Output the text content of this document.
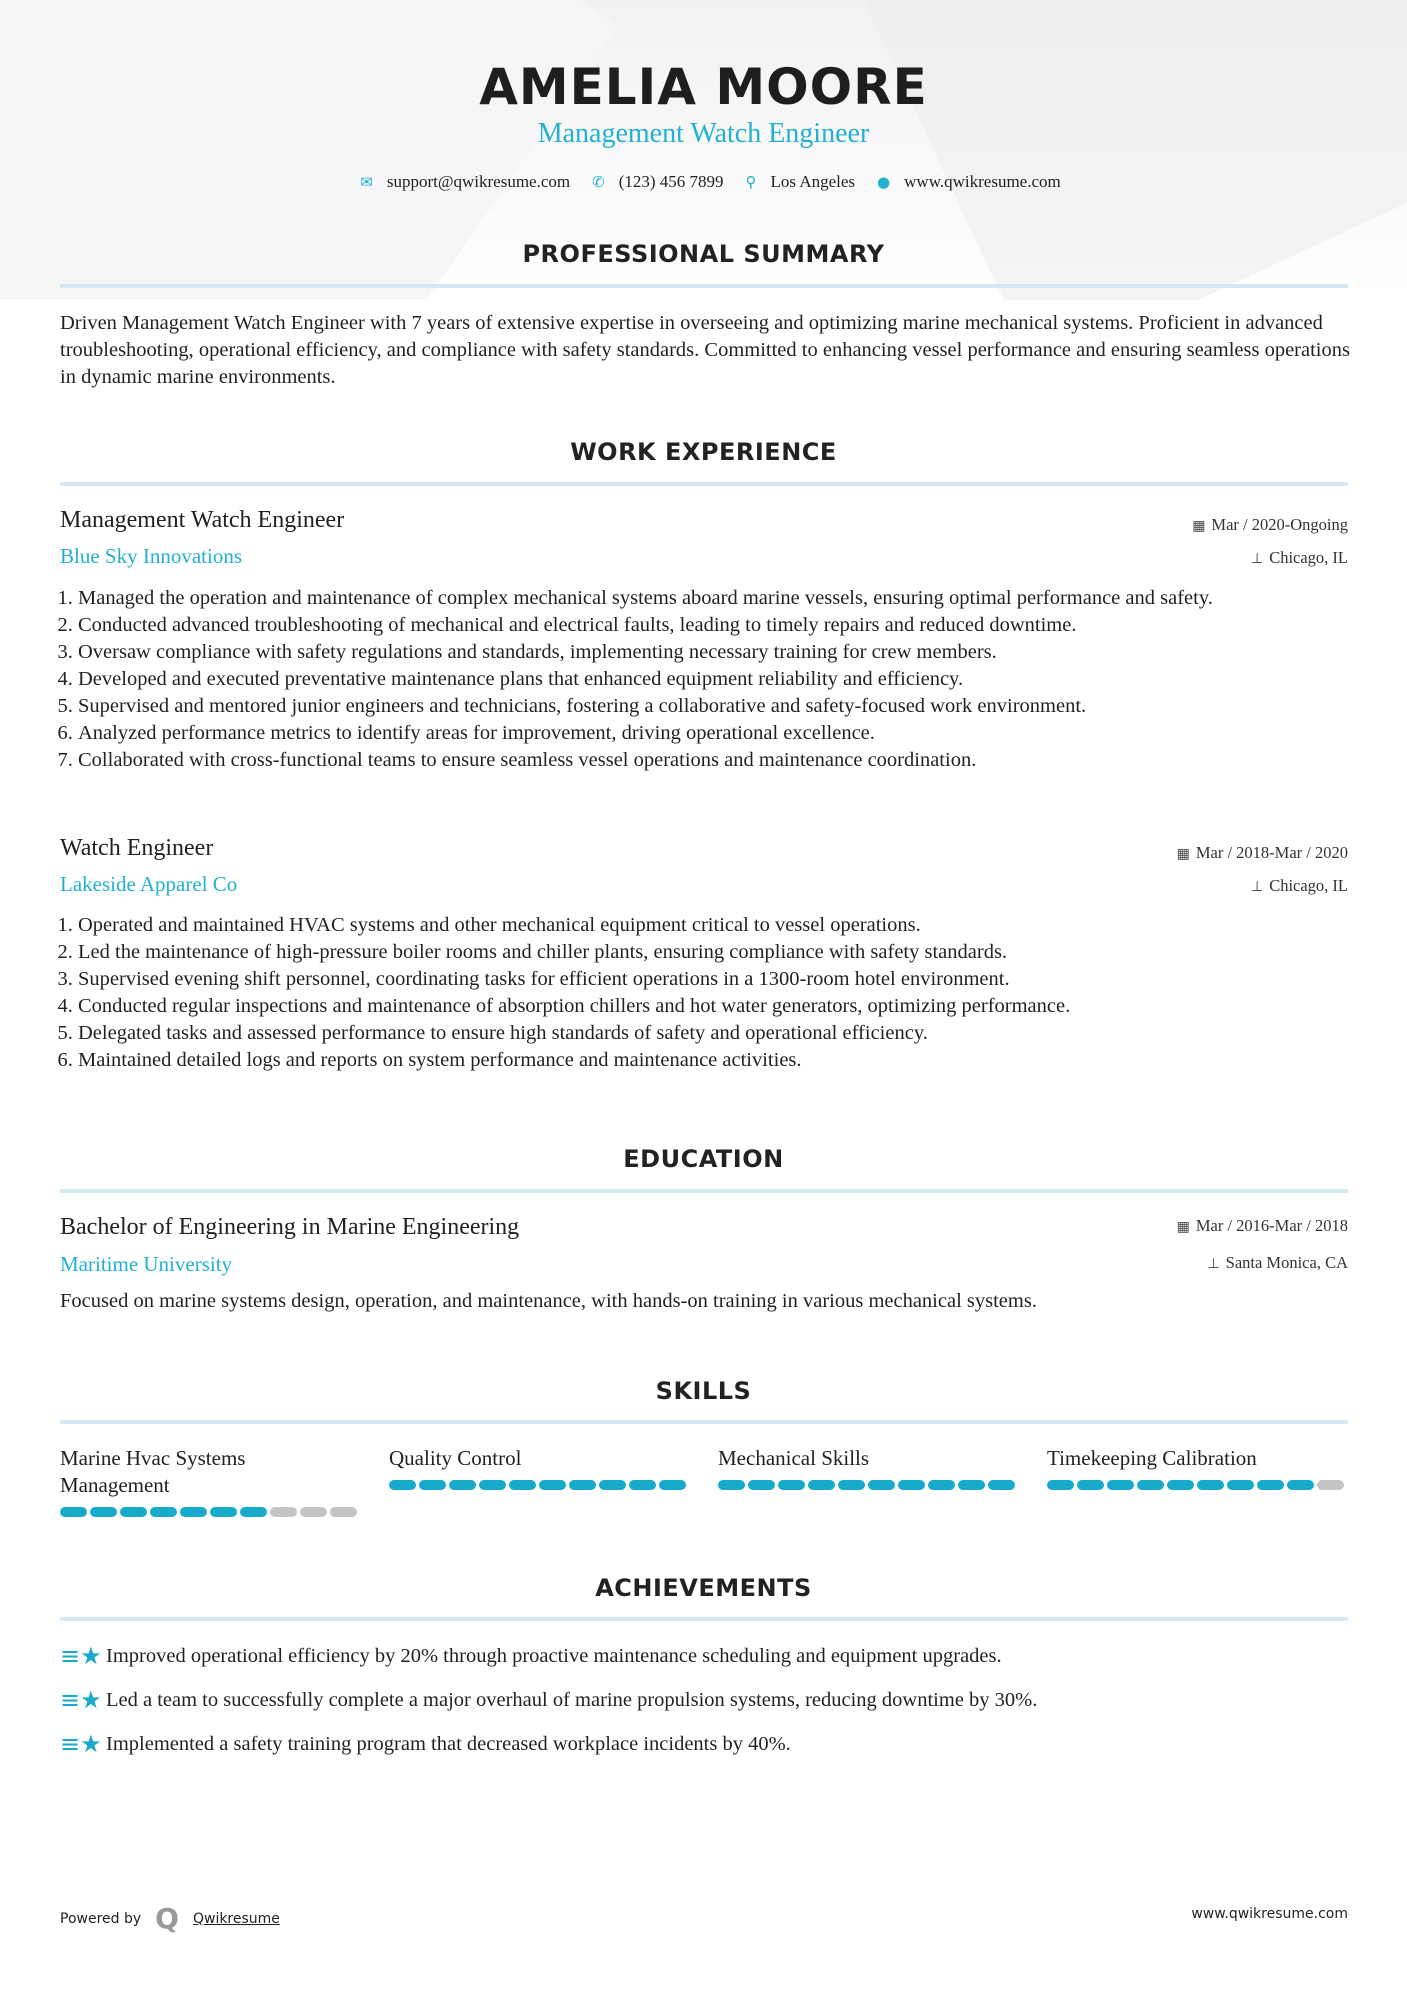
AMELIA MOORE
Management Watch Engineer
✉ support@qwikresume.com ✆ (123) 456 7899 ⚲ Los Angeles ● www.qwikresume.com
PROFESSIONAL SUMMARY
Driven Management Watch Engineer with 7 years of extensive expertise in overseeing and optimizing marine mechanical systems. Proficient in advanced troubleshooting, operational efficiency, and compliance with safety standards. Committed to enhancing vessel performance and ensuring seamless operations in dynamic marine environments.
WORK EXPERIENCE
Management Watch Engineer
Blue Sky Innovations
▦ Mar / 2020-Ongoing
⊥ Chicago, IL
1. Managed the operation and maintenance of complex mechanical systems aboard marine vessels, ensuring optimal performance and safety.
2. Conducted advanced troubleshooting of mechanical and electrical faults, leading to timely repairs and reduced downtime.
3. Oversaw compliance with safety regulations and standards, implementing necessary training for crew members.
4. Developed and executed preventative maintenance plans that enhanced equipment reliability and efficiency.
5. Supervised and mentored junior engineers and technicians, fostering a collaborative and safety-focused work environment.
6. Analyzed performance metrics to identify areas for improvement, driving operational excellence.
7. Collaborated with cross-functional teams to ensure seamless vessel operations and maintenance coordination.
Watch Engineer
Lakeside Apparel Co
▦ Mar / 2018-Mar / 2020
⊥ Chicago, IL
1. Operated and maintained HVAC systems and other mechanical equipment critical to vessel operations.
2. Led the maintenance of high-pressure boiler rooms and chiller plants, ensuring compliance with safety standards.
3. Supervised evening shift personnel, coordinating tasks for efficient operations in a 1300-room hotel environment.
4. Conducted regular inspections and maintenance of absorption chillers and hot water generators, optimizing performance.
5. Delegated tasks and assessed performance to ensure high standards of safety and operational efficiency.
6. Maintained detailed logs and reports on system performance and maintenance activities.
EDUCATION
Bachelor of Engineering in Marine Engineering
Maritime University
▦ Mar / 2016-Mar / 2018
⊥ Santa Monica, CA
Focused on marine systems design, operation, and maintenance, with hands-on training in various mechanical systems.
SKILLS
Marine Hvac Systems Management
Quality Control	Mechanical Skills	Timekeeping Calibration
ACHIEVEMENTS
≡★ Improved operational efficiency by 20% through proactive maintenance scheduling and equipment upgrades.
≡★ Led a team to successfully complete a major overhaul of marine propulsion systems, reducing downtime by 30%.
≡★ Implemented a safety training program that decreased workplace incidents by 40%.
Powered by Q Qwikresume	www.qwikresume.com
